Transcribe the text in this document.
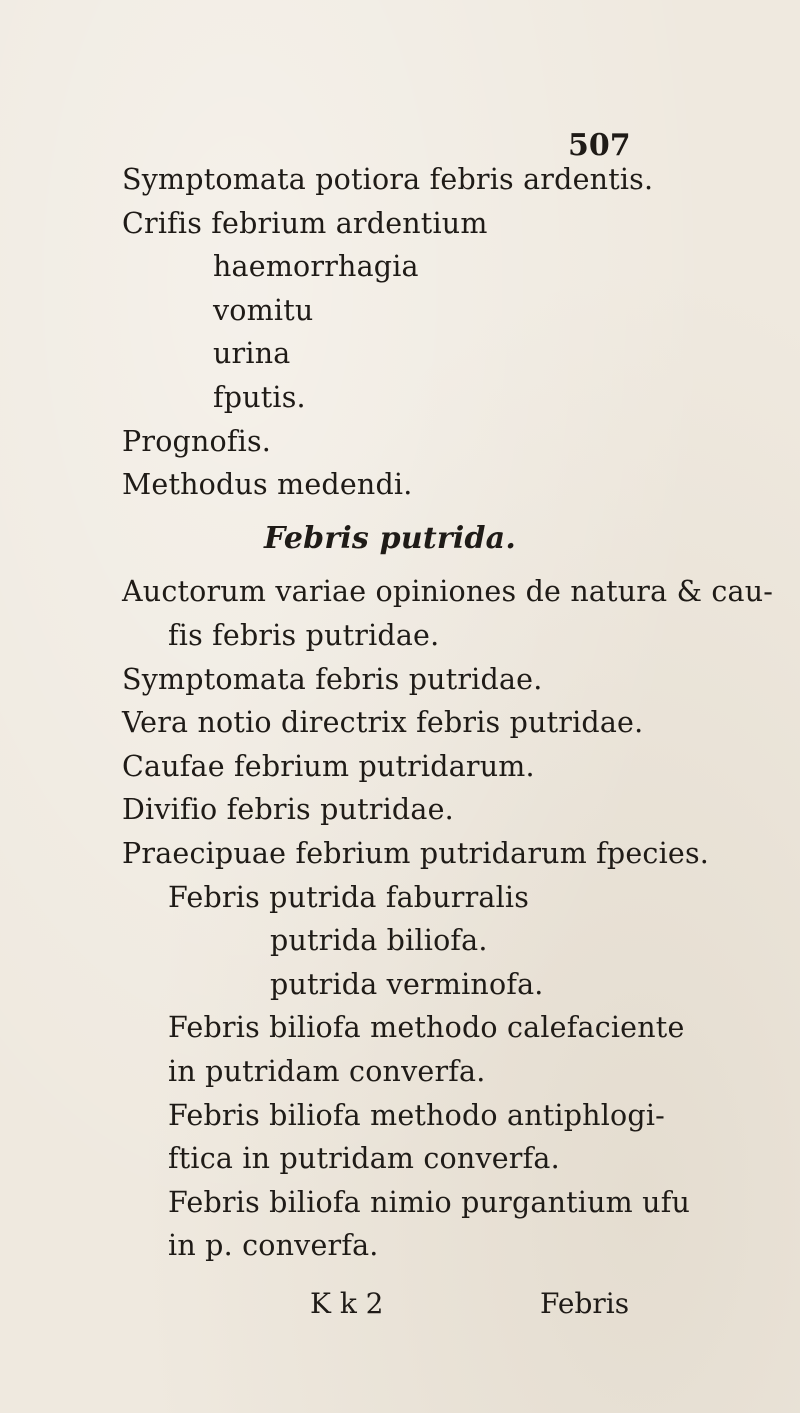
507
Symptomata potiora febris ardentis.
Crifis febrium ardentium
haemorrhagia
vomitu
urina
fputis.
Prognofis.
Methodus medendi.
Febris putrida.
Auctorum variae opiniones de natura & cau-
fis febris putridae.
Symptomata febris putridae.
Vera notio directrix febris putridae.
Caufae febrium putridarum.
Divifio febris putridae.
Praecipuae febrium putridarum fpecies.
Febris putrida faburralis
putrida biliofa.
putrida verminofa.
Febris biliofa methodo calefaciente
in putridam converfa.
Febris biliofa methodo antiphlogi-
ftica in putridam converfa.
Febris biliofa nimio purgantium ufu
in p. converfa.
K k 2	Febris
